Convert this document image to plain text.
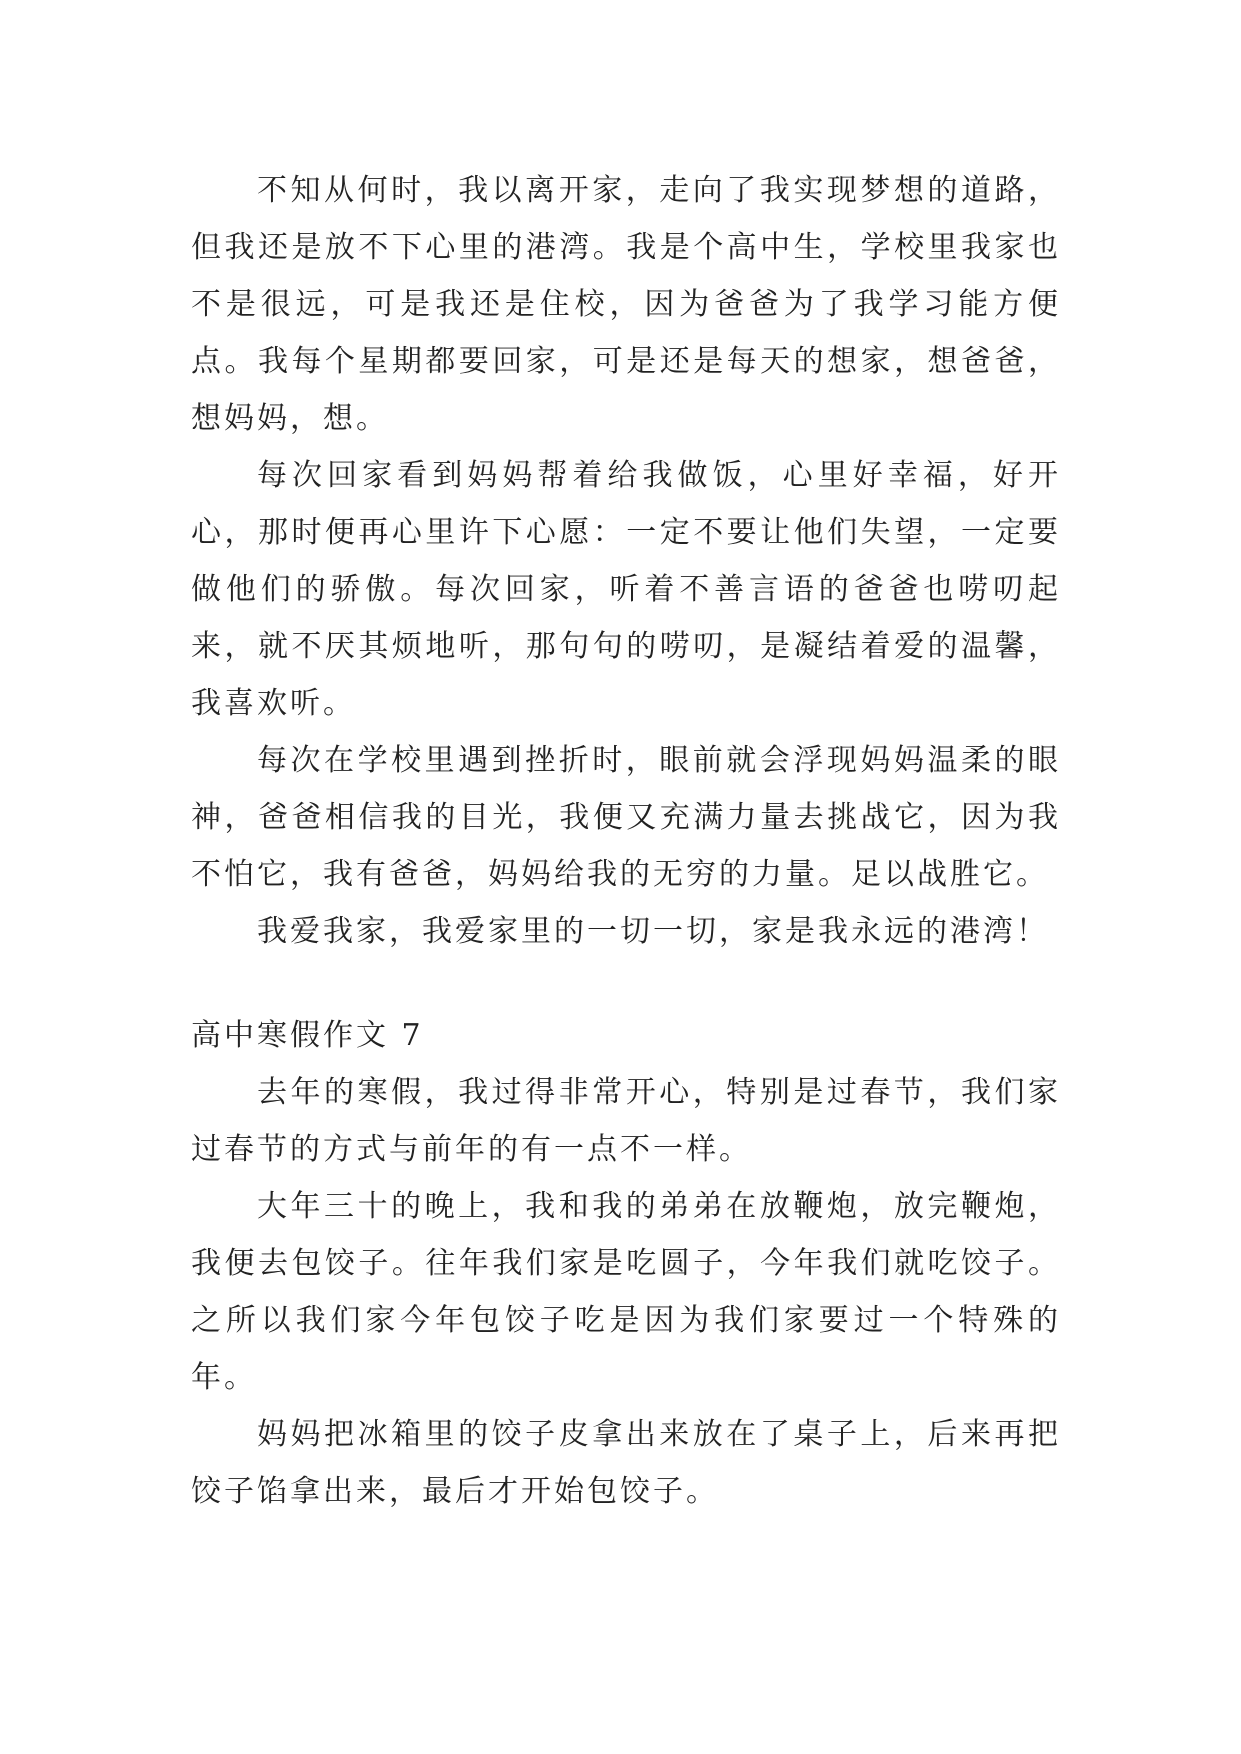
不知从何时，我以离开家，走向了我实现梦想的道路，但我还是放不下心里的港湾。我是个高中生，学校里我家也不是很远，可是我还是住校，因为爸爸为了我学习能方便点。我每个星期都要回家，可是还是每天的想家，想爸爸，想妈妈，想。

每次回家看到妈妈帮着给我做饭，心里好幸福，好开心，那时便再心里许下心愿：一定不要让他们失望，一定要做他们的骄傲。每次回家，听着不善言语的爸爸也唠叨起来，就不厌其烦地听，那句句的唠叨，是凝结着爱的温馨，我喜欢听。

每次在学校里遇到挫折时，眼前就会浮现妈妈温柔的眼神，爸爸相信我的目光，我便又充满力量去挑战它，因为我不怕它，我有爸爸，妈妈给我的无穷的力量。足以战胜它。

我爱我家，我爱家里的一切一切，家是我永远的港湾！

高中寒假作文 7

去年的寒假，我过得非常开心，特别是过春节，我们家过春节的方式与前年的有一点不一样。

大年三十的晚上，我和我的弟弟在放鞭炮，放完鞭炮，我便去包饺子。往年我们家是吃圆子，今年我们就吃饺子。之所以我们家今年包饺子吃是因为我们家要过一个特殊的年。

妈妈把冰箱里的饺子皮拿出来放在了桌子上，后来再把饺子馅拿出来，最后才开始包饺子。
